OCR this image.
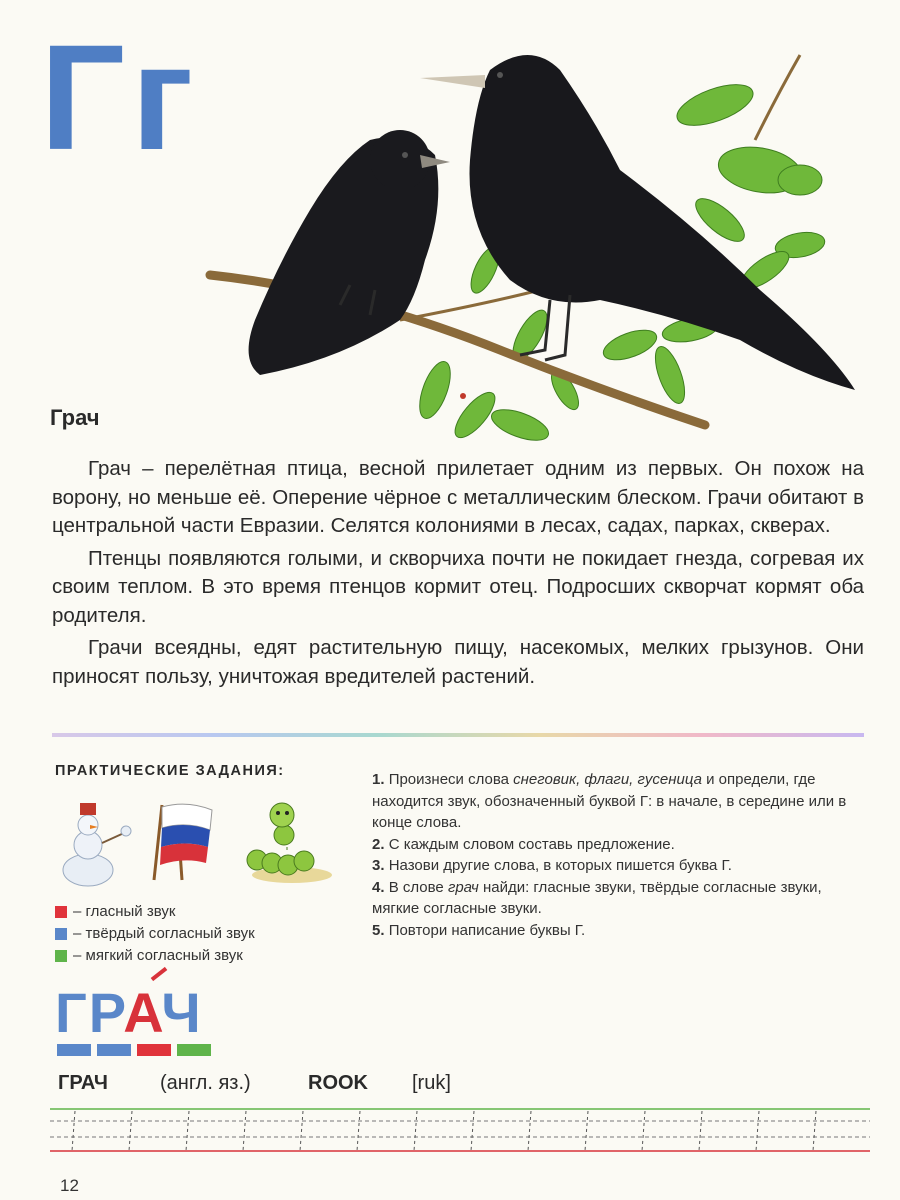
Гг
Грач

Грач – перелётная птица, весной прилетает одним из первых. Он похож на ворону, но меньше её. Оперение чёрное с металлическим блеском. Грачи обитают в центральной части Евразии. Селятся колониями в лесах, садах, парках, скверах.

Птенцы появляются голыми, и скворчиха почти не покидает гнезда, согревая их своим теплом. В это время птенцов кормит отец. Подросших скворчат кормят оба родителя.

Грачи всеядны, едят растительную пищу, насекомых, мелких грызунов. Они приносят пользу, уничтожая вредителей растений.

ПРАКТИЧЕСКИЕ ЗАДАНИЯ:
– гласный звук
– твёрдый согласный звук
– мягкий согласный звук

1. Произнеси слова снеговик, флаги, гусеница и определи, где находится звук, обозначенный буквой Г: в начале, в середине или в конце слова.

2. С каждым словом составь предложение.

3. Назови другие слова, в которых пишется буква Г.

4. В слове грач найди: гласные звуки, твёрдые согласные звуки, мягкие согласные звуки.

5. Повтори написание буквы Г.

ГРАЧ
ГРАЧ	(англ. яз.)	ROOK [ruk]
12
